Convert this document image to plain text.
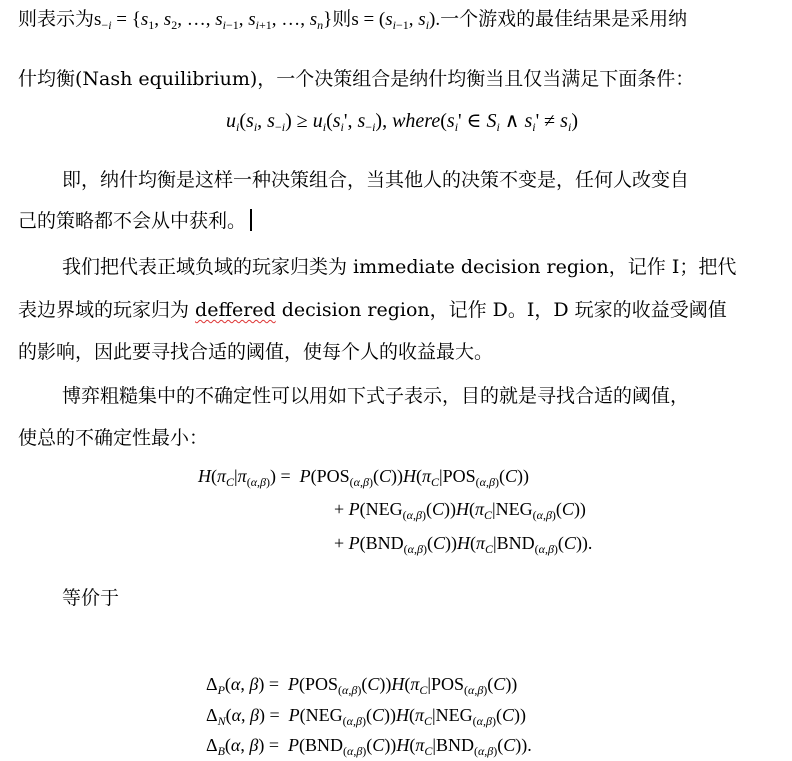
则表示为$s_{-i} = \{s_1$, $s_2$, …, $s_{i-1}$, $s_{i+1}$, …, $s_n$}则$s = (s_{i-1}$, $s_i$).一个游戏的最佳结果是采用纳
什均衡(Nash equilibrium)，一个决策组合是纳什均衡当且仅当满足下面条件：
$u_i(s_i$, $s_{-i}) \ge u_i(s_i'$, $s_{-i}$), $where(s_i'$ ∈ $S_i$ ∧ $s_i' \ne s_i$)
即，纳什均衡是这样一种决策组合，当其他人的决策不变是，任何人改变自
己的策略都不会从中获利。
我们把代表正域负域的玩家归类为 immediate decision region，记作 I；把代
表边界域的玩家归为 deffered decision region，记作 D。I，D 玩家的收益受阈值
的影响，因此要寻找合适的阈值，使每个人的收益最大。
博弈粗糙集中的不确定性可以用如下式子表示，目的就是寻找合适的阈值，
使总的不确定性最小：
$H(\pi_C|\pi_{(\alpha,\beta)}) = P(POS_{(\alpha,\beta)}(C))H(\pi_C|POS_{(\alpha,\beta)}(C))$
+ $P(NEG_{(\alpha,\beta)}(C))H(\pi_C|NEG_{(\alpha,\beta)}(C))$
+ $P(BND_{(\alpha,\beta)}(C))H(\pi_C|BND_{(\alpha,\beta)}(C))$.
等价于
$\Delta_P(\alpha$, $\beta) = P(POS_{(\alpha,\beta)}(C))H(\pi_C|POS_{(\alpha,\beta)}(C))$
$\Delta_N(\alpha$, $\beta) = P(NEG_{(\alpha,\beta)}(C))H(\pi_C|NEG_{(\alpha,\beta)}(C))$
$\Delta_B(\alpha$, $\beta) = P(BND_{(\alpha,\beta)}(C))H(\pi_C|BND_{(\alpha,\beta)}(C))$.
